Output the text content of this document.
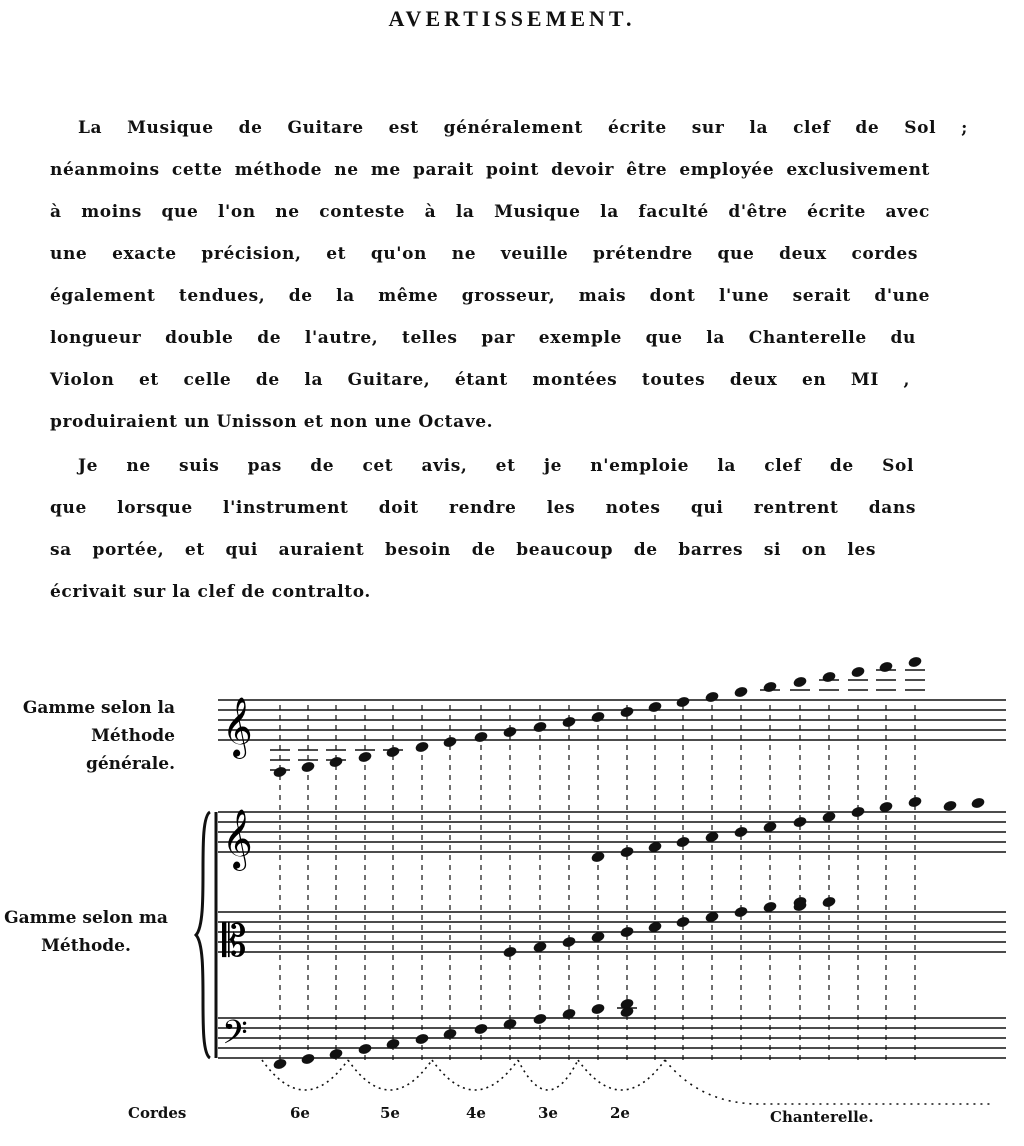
AVERTISSEMENT.
La Musique de Guitare est généralement écrite sur la clef de Sol ;
néanmoins cette méthode ne me parait point devoir être employée exclusivement
à moins que l'on ne conteste à la Musique la faculté d'être écrite avec
une exacte précision, et qu'on ne veuille prétendre que deux cordes
également tendues, de la même grosseur, mais dont l'une serait d'une
longueur double de l'autre, telles par exemple que la Chanterelle du
Violon et celle de la Guitare, étant montées toutes deux en MI ,
produiraient un Unisson et non une Octave.
Je ne suis pas de cet avis, et je n'emploie la clef de Sol
que lorsque l'instrument doit rendre les notes qui rentrent dans
sa portée, et qui auraient besoin de beaucoup de barres si on les
écrivait sur la clef de contralto.
𝄞
𝄞
𝄡
𝄢
Gamme selon la
Méthode générale.
Gamme selon ma
Méthode.
Cordes	6e	5e	4e	3e	2e	Chanterelle.
